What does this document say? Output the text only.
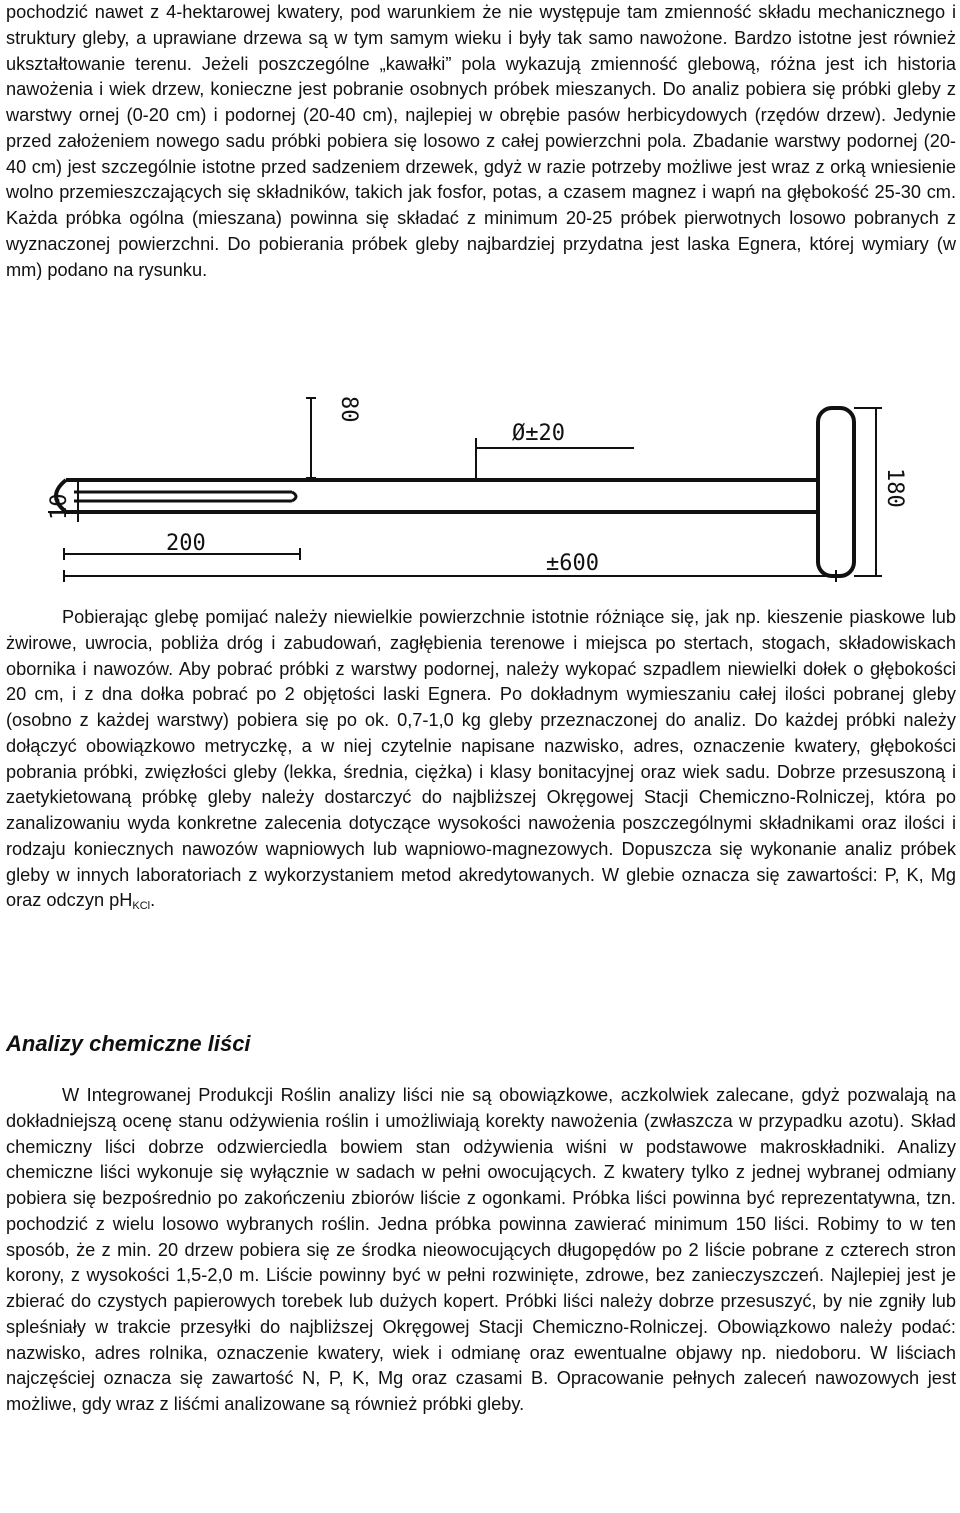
pochodzić nawet z 4-hektarowej kwatery, pod warunkiem że nie występuje tam zmienność składu mechanicznego i struktury gleby, a uprawiane drzewa są w tym samym wieku i były tak samo nawożone. Bardzo istotne jest również ukształtowanie terenu. Jeżeli poszczególne „kawałki” pola wykazują zmienność glebową, różna jest ich historia nawożenia i wiek drzew, konieczne jest pobranie osobnych próbek mieszanych. Do analiz pobiera się próbki gleby z warstwy ornej (0-20 cm) i podornej (20-40 cm), najlepiej w obrębie pasów herbicydowych (rzędów drzew). Jedynie przed założeniem nowego sadu próbki pobiera się losowo z całej powierzchni pola. Zbadanie warstwy podornej (20-40 cm) jest szczególnie istotne przed sadzeniem drzewek, gdyż w razie potrzeby możliwe jest wraz z orką wniesienie wolno przemieszczających się składników, takich jak fosfor, potas, a czasem magnez i wapń na głębokość 25-30 cm. Każda próbka ogólna (mieszana) powinna się składać z minimum 20-25 próbek pierwotnych losowo pobranych z wyznaczonej powierzchni. Do pobierania próbek gleby najbardziej przydatna jest laska Egnera, której wymiary (w mm) podano na rysunku.

80
Ø±20
180
10
200
±600

Pobierając glebę pomijać należy niewielkie powierzchnie istotnie różniące się, jak np. kieszenie piaskowe lub żwirowe, uwrocia, pobliża dróg i zabudowań, zagłębienia terenowe i miejsca po stertach, stogach, składowiskach obornika i nawozów. Aby pobrać próbki z warstwy podornej, należy wykopać szpadlem niewielki dołek o głębokości 20 cm, i z dna dołka pobrać po 2 objętości laski Egnera. Po dokładnym wymieszaniu całej ilości pobranej gleby (osobno z każdej warstwy) pobiera się po ok. 0,7-1,0 kg gleby przeznaczonej do analiz. Do każdej próbki należy dołączyć obowiązkowo metryczkę, a w niej czytelnie napisane nazwisko, adres, oznaczenie kwatery, głębokości pobrania próbki, zwięzłości gleby (lekka, średnia, ciężka) i klasy bonitacyjnej oraz wiek sadu. Dobrze przesuszoną i zaetykietowaną próbkę gleby należy dostarczyć do najbliższej Okręgowej Stacji Chemiczno-Rolniczej, która po zanalizowaniu wyda konkretne zalecenia dotyczące wysokości nawożenia poszczególnymi składnikami oraz ilości i rodzaju koniecznych nawozów wapniowych lub wapniowo-magnezowych. Dopuszcza się wykonanie analiz próbek gleby w innych laboratoriach z wykorzystaniem metod akredytowanych. W glebie oznacza się zawartości: P, K, Mg oraz odczyn $pH_{KCl}$.

Analizy chemiczne liści

W Integrowanej Produkcji Roślin analizy liści nie są obowiązkowe, aczkolwiek zalecane, gdyż pozwalają na dokładniejszą ocenę stanu odżywienia roślin i umożliwiają korekty nawożenia (zwłaszcza w przypadku azotu). Skład chemiczny liści dobrze odzwierciedla bowiem stan odżywienia wiśni w podstawowe makroskładniki. Analizy chemiczne liści wykonuje się wyłącznie w sadach w pełni owocujących. Z kwatery tylko z jednej wybranej odmiany pobiera się bezpośrednio po zakończeniu zbiorów liście z ogonkami. Próbka liści powinna być reprezentatywna, tzn. pochodzić z wielu losowo wybranych roślin. Jedna próbka powinna zawierać minimum 150 liści. Robimy to w ten sposób, że z min. 20 drzew pobiera się ze środka nieowocujących długopędów po 2 liście pobrane z czterech stron korony, z wysokości 1,5-2,0 m. Liście powinny być w pełni rozwinięte, zdrowe, bez zanieczyszczeń. Najlepiej jest je zbierać do czystych papierowych torebek lub dużych kopert. Próbki liści należy dobrze przesuszyć, by nie zgniły lub spleśniały w trakcie przesyłki do najbliższej Okręgowej Stacji Chemiczno-Rolniczej. Obowiązkowo należy podać: nazwisko, adres rolnika, oznaczenie kwatery, wiek i odmianę oraz ewentualne objawy np. niedoboru. W liściach najczęściej oznacza się zawartość N, P, K, Mg oraz czasami B. Opracowanie pełnych zaleceń nawozowych jest możliwe, gdy wraz z liśćmi analizowane są również próbki gleby.
